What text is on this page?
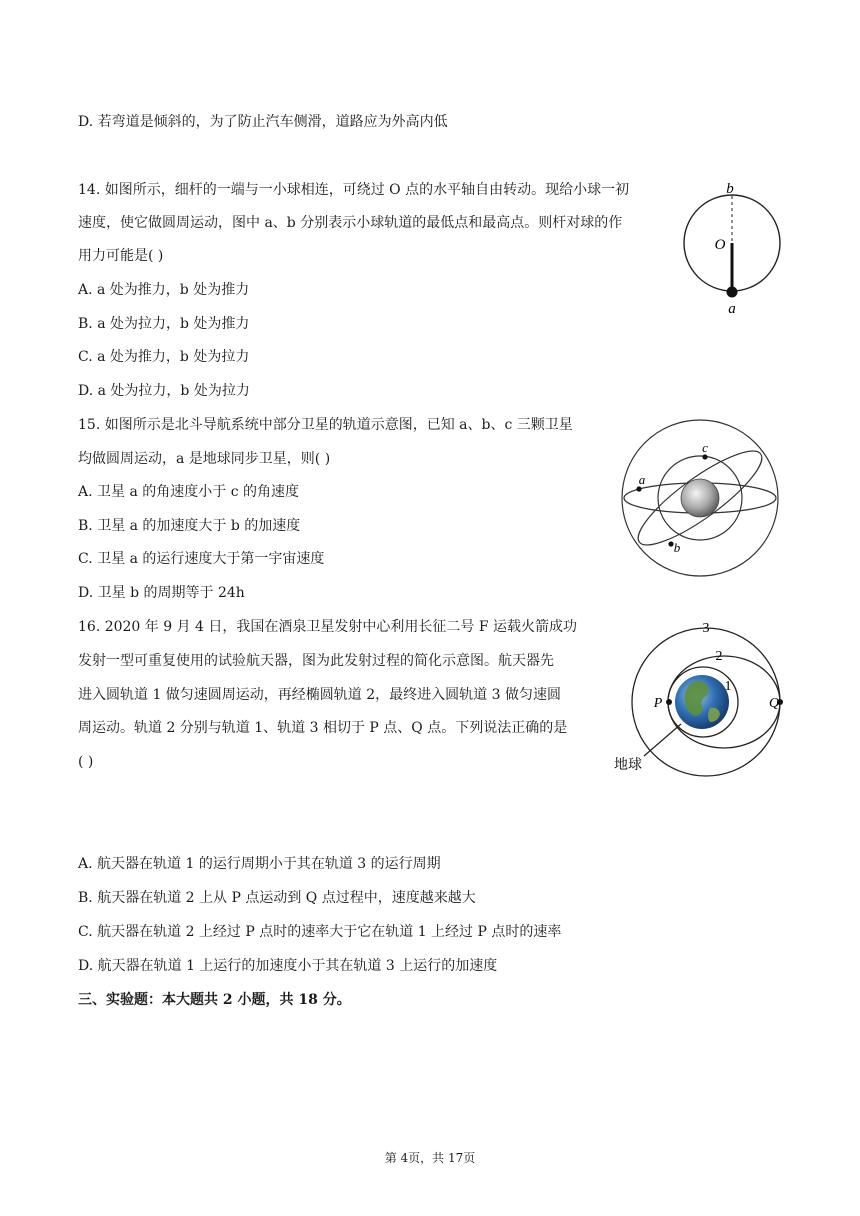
D. 若弯道是倾斜的，为了防止汽车侧滑，道路应为外高内低
14. 如图所示，细杆的一端与一小球相连，可绕过 O 点的水平轴自由转动。现给小球一初
速度，使它做圆周运动，图中 a、b 分别表示小球轨道的最低点和最高点。则杆对球的作
用力可能是( )
A. a 处为推力，b 处为推力
B. a 处为拉力，b 处为推力
C. a 处为推力，b 处为拉力
D. a 处为拉力，b 处为拉力
b
O
a
15. 如图所示是北斗导航系统中部分卫星的轨道示意图，已知 a、b、c 三颗卫星
均做圆周运动，a 是地球同步卫星，则( )
A. 卫星 a 的角速度小于 c 的角速度
B. 卫星 a 的加速度大于 b 的加速度
C. 卫星 a 的运行速度大于第一宇宙速度
D. 卫星 b 的周期等于 24h
a
c
b
16. 2020 年 9 月 4 日，我国在酒泉卫星发射中心利用长征二号 F 运载火箭成功
发射一型可重复使用的试验航天器，图为此发射过程的简化示意图。航天器先
进入圆轨道 1 做匀速圆周运动，再经椭圆轨道 2，最终进入圆轨道 3 做匀速圆
周运动。轨道 2 分别与轨道 1、轨道 3 相切于 P 点、Q 点。下列说法正确的是
( )
A. 航天器在轨道 1 的运行周期小于其在轨道 3 的运行周期
B. 航天器在轨道 2 上从 P 点运动到 Q 点过程中，速度越来越大
C. 航天器在轨道 2 上经过 P 点时的速率大于它在轨道 1 上经过 P 点时的速率
D. 航天器在轨道 1 上运行的加速度小于其在轨道 3 上运行的加速度
3
2
1
P	Q
地球
三、实验题：本大题共 2 小题，共 18 分。
第 4页，共 17页
